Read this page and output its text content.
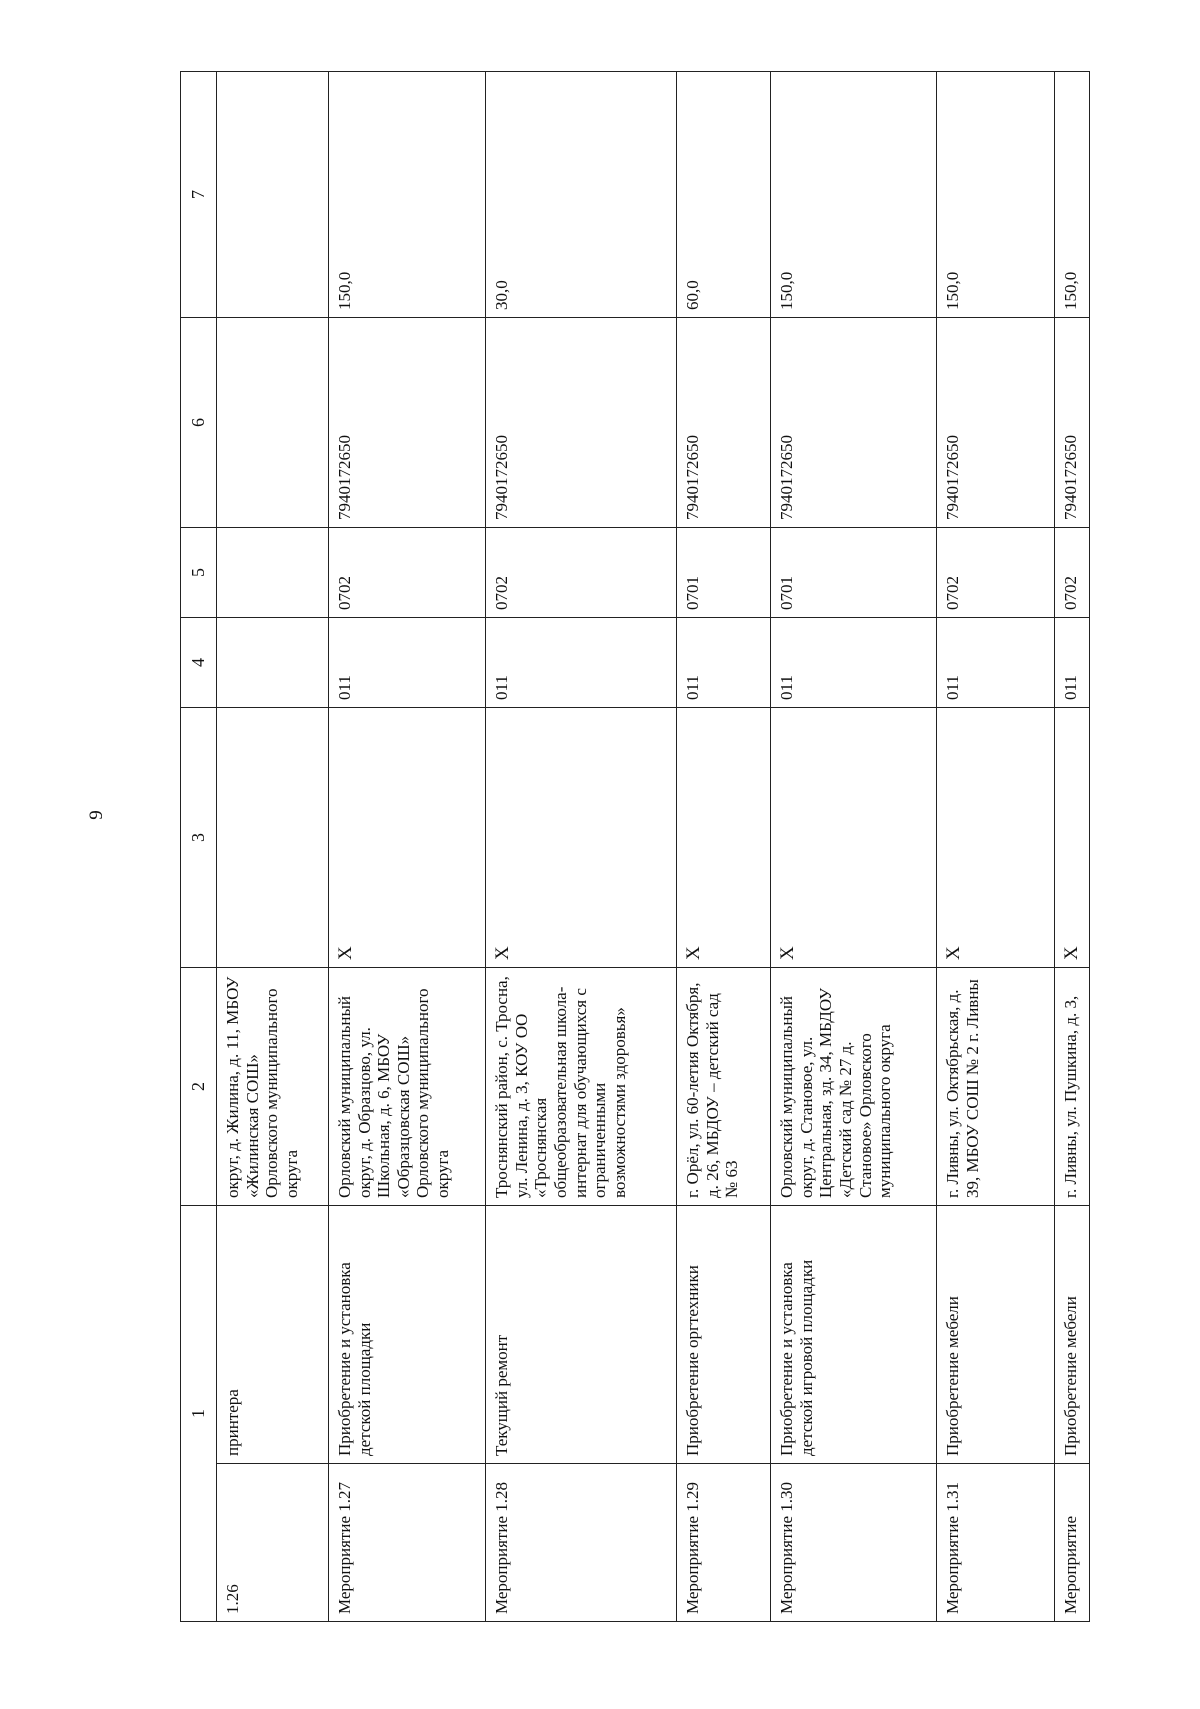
9
1		2	3	4	5	6	7
1.26	принтера	округ, д. Жилина, д. 11, МБОУ «Жилинская СОШ» Орловского муниципального округа					
Мероприятие 1.27	Приобретение и установка детской площадки	Орловский муниципальный округ, д. Образцово, ул. Школьная, д. 6, МБОУ «Образцовская СОШ» Орловского муниципального округа	X	011	0702	7940172650	150,0
Мероприятие 1.28	Текущий ремонт	Троснянский район, с. Тросна, ул. Ленина, д. 3, КОУ ОО «Троснянская общеобразовательная школа-интернат для обучающихся с ограниченными возможностями здоровья»	X	011	0702	7940172650	30,0
Мероприятие 1.29	Приобретение оргтехники	г. Орёл, ул. 60-летия Октября, д. 26, МБДОУ – детский сад № 63	X	011	0701	7940172650	60,0
Мероприятие 1.30	Приобретение и установка детской игровой площадки	Орловский муниципальный округ, д. Становое, ул. Центральная, зд. 34, МБДОУ «Детский сад № 27 д. Становое» Орловского муниципального округа	X	011	0701	7940172650	150,0
Мероприятие 1.31	Приобретение мебели	г. Ливны, ул. Октябрьская, д. 39, МБОУ СОШ № 2 г. Ливны	X	011	0702	7940172650	150,0
Мероприятие	Приобретение мебели	г. Ливны, ул. Пушкина, д. 3,	X	011	0702	7940172650	150,0
